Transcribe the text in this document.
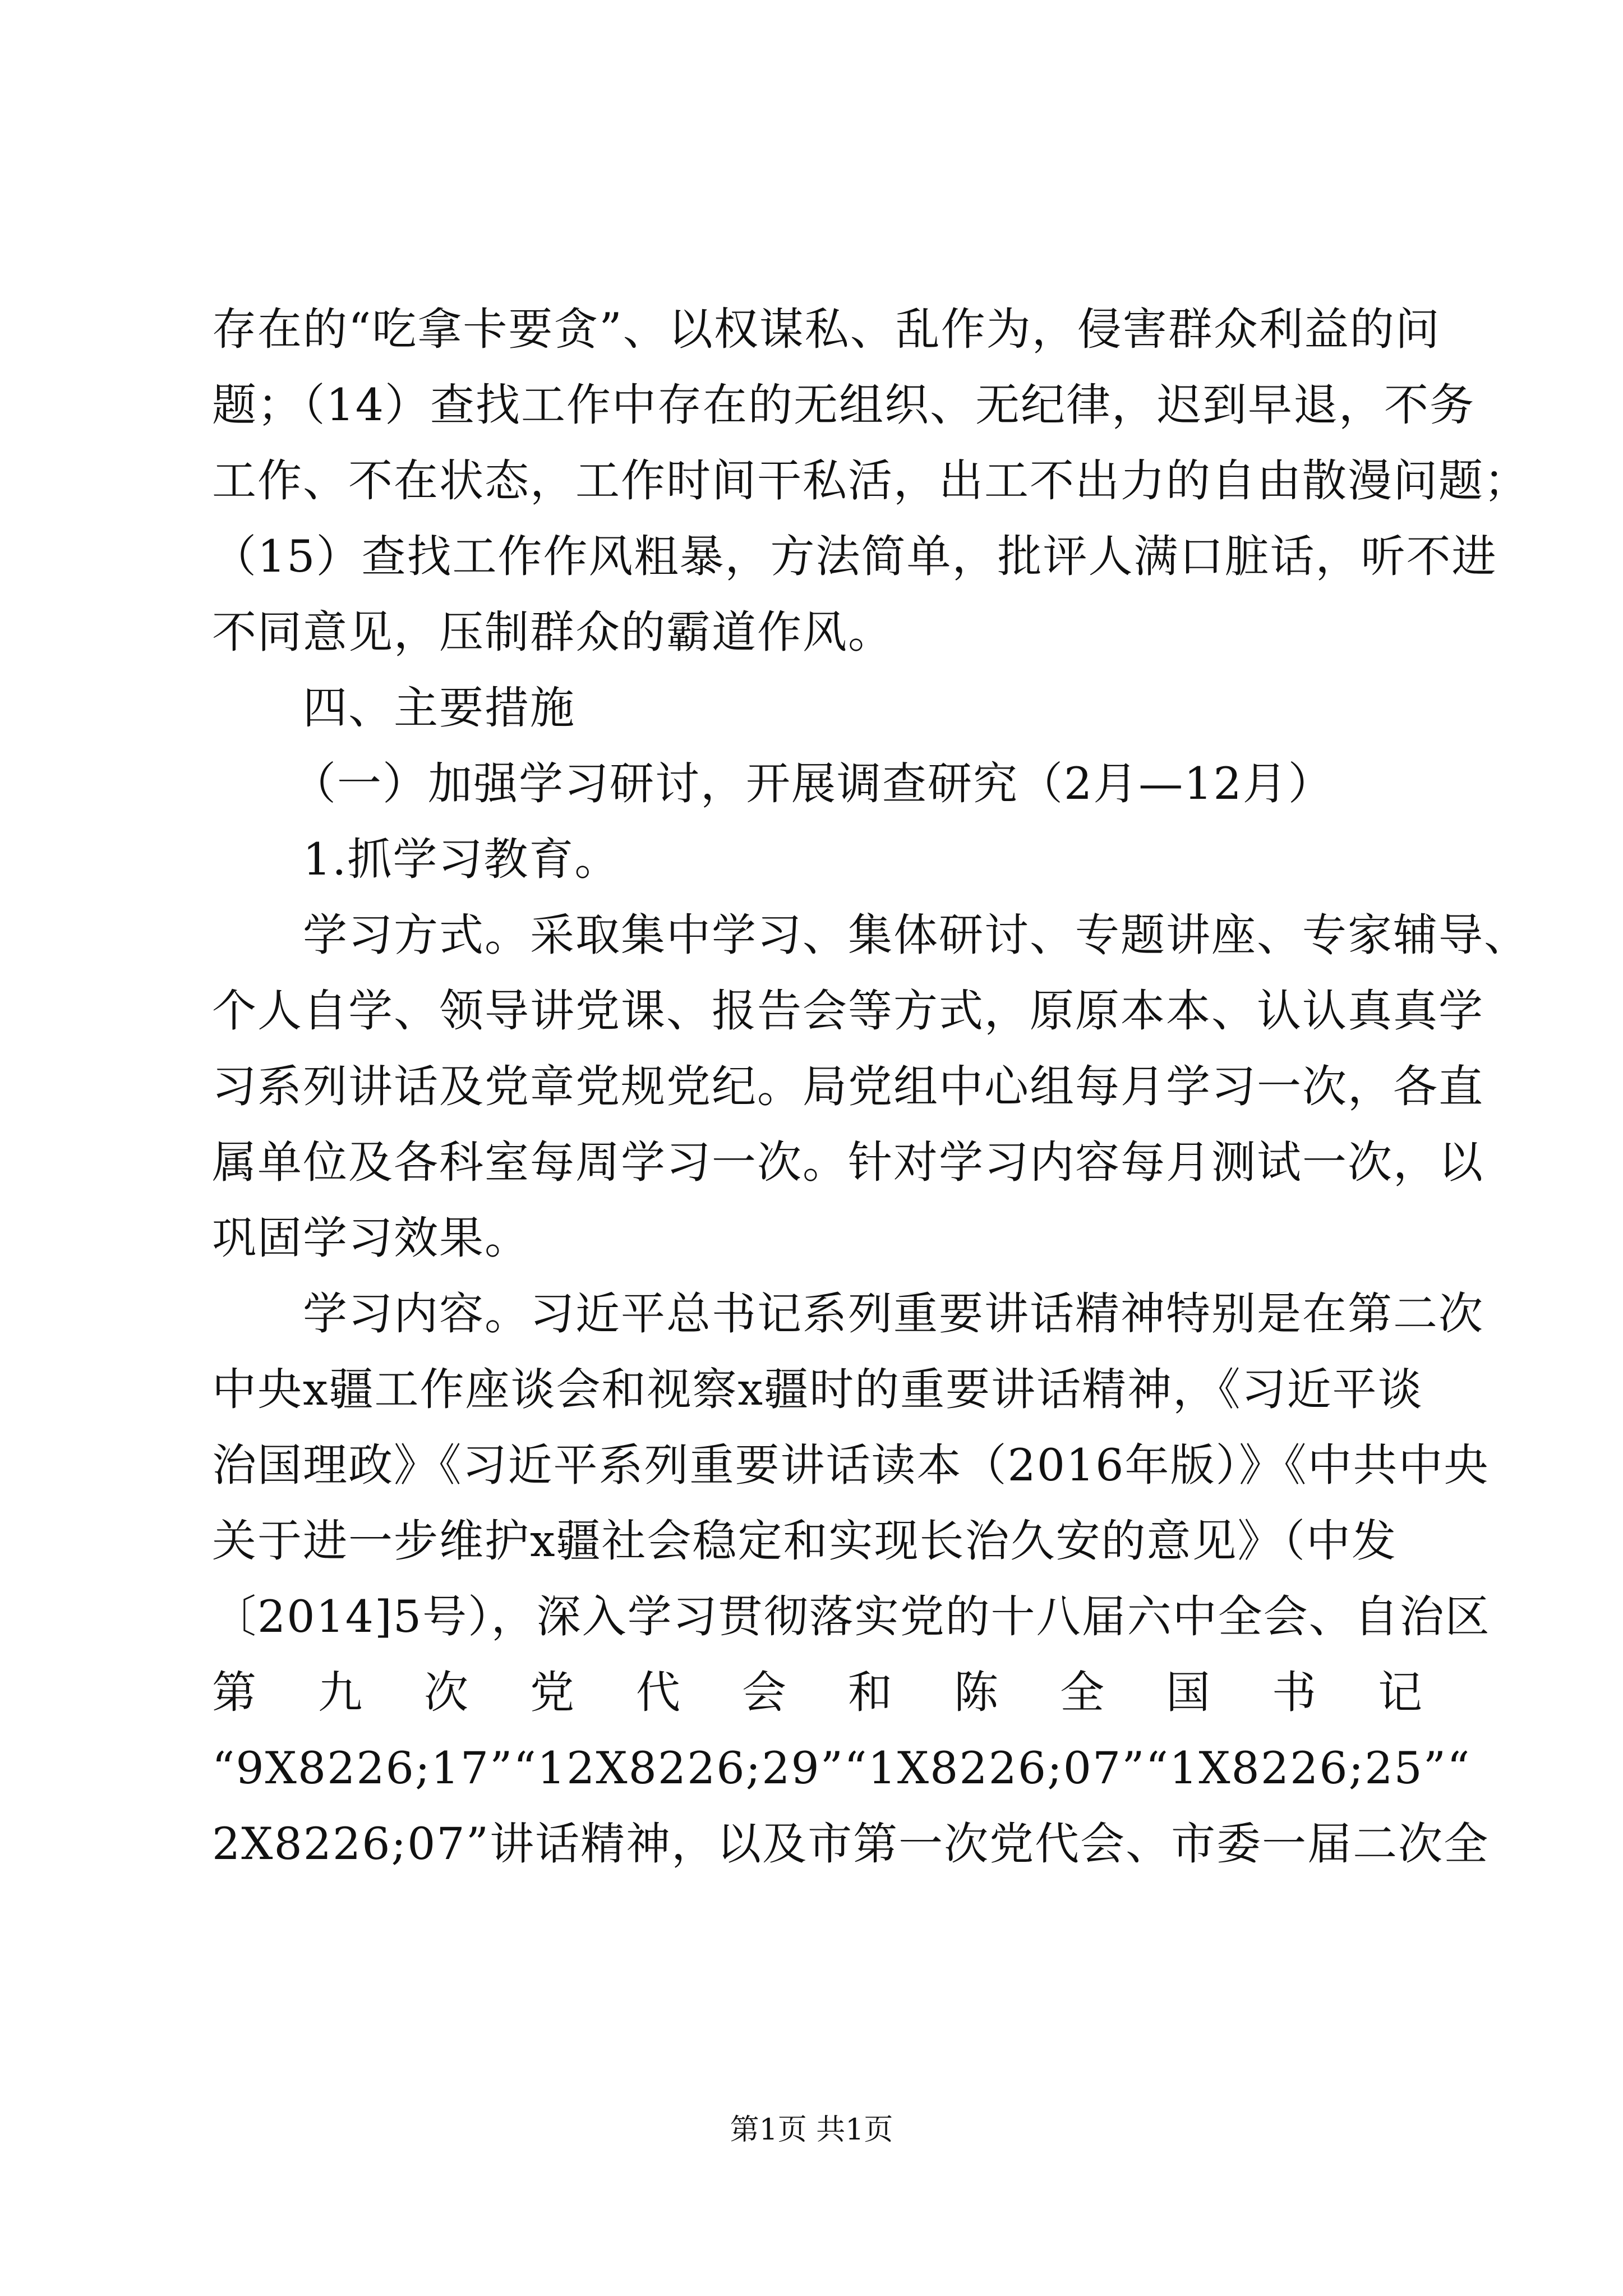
存在的“吃拿卡要贪”、以权谋私、乱作为，侵害群众利益的问
题；（14）查找工作中存在的无组织、无纪律，迟到早退，不务
工作、不在状态，工作时间干私活，出工不出力的自由散漫问题；
（15）查找工作作风粗暴，方法简单，批评人满口脏话，听不进
不同意见，压制群众的霸道作风。
四、主要措施
（一）加强学习研讨，开展调查研究（2月—12月）
1.抓学习教育。
学习方式。采取集中学习、集体研讨、专题讲座、专家辅导、
个人自学、领导讲党课、报告会等方式，原原本本、认认真真学
习系列讲话及党章党规党纪。局党组中心组每月学习一次，各直
属单位及各科室每周学习一次。针对学习内容每月测试一次，以
巩固学习效果。
学习内容。习近平总书记系列重要讲话精神特别是在第二次
中央x疆工作座谈会和视察x疆时的重要讲话精神，《习近平谈
治国理政》《习近平系列重要讲话读本（2016年版）》《中共中央
关于进一步维护x疆社会稳定和实现长治久安的意见》（中发
〔2014]5号），深入学习贯彻落实党的十八届六中全会、自治区
第 九 次 党 代 会 和 陈 全 国 书 记
“9X8226;17”“12X8226;29”“1X8226;07”“1X8226;25”“
2X8226;07”讲话精神，以及市第一次党代会、市委一届二次全
第1页 共1页
